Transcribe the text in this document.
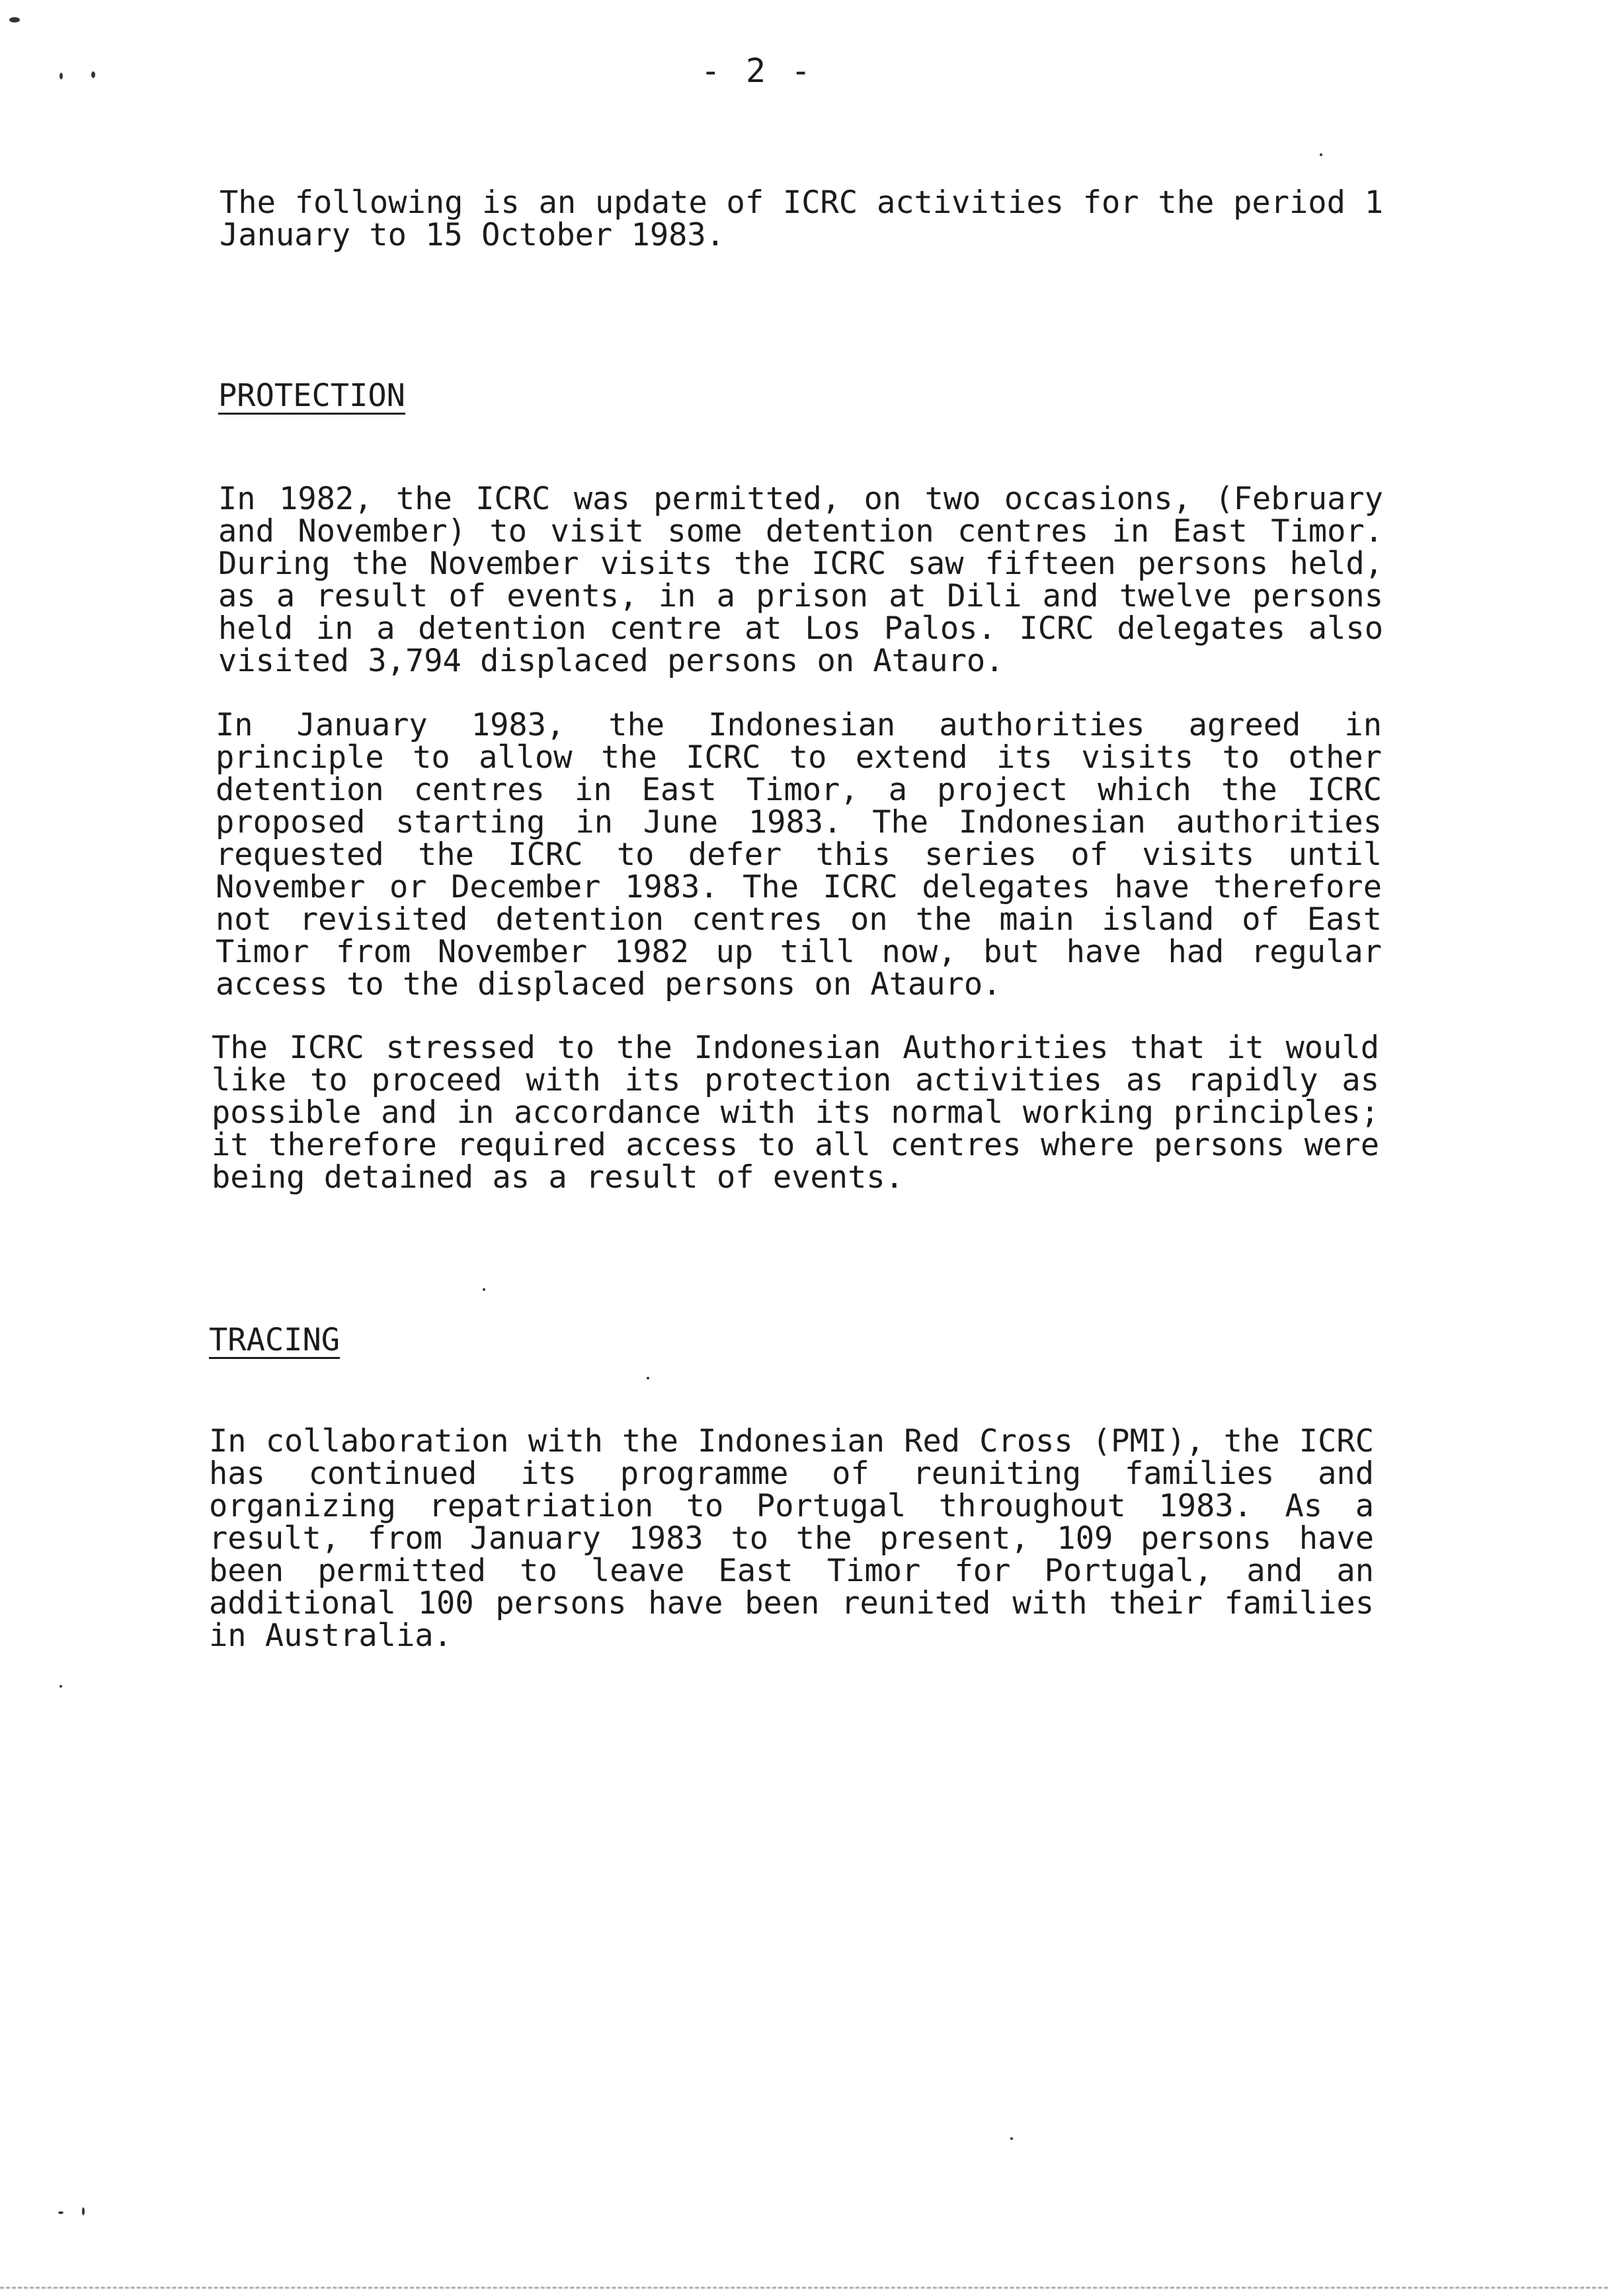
- 2 -

The following is an update of ICRC activities for the period 1 January to 15 October 1983.

PROTECTION

In 1982, the ICRC was permitted, on two occasions, (February and November) to visit some detention centres in East Timor. During the November visits the ICRC saw fifteen persons held, as a result of events, in a prison at Dili and twelve persons held in a detention centre at Los Palos. ICRC delegates also visited 3,794 displaced persons on Atauro.

In January 1983, the Indonesian authorities agreed in principle to allow the ICRC to extend its visits to other detention centres in East Timor, a project which the ICRC proposed starting in June 1983. The Indonesian authorities requested the ICRC to defer this series of visits until November or December 1983. The ICRC delegates have therefore not revisited detention centres on the main island of East Timor from November 1982 up till now, but have had regular access to the displaced persons on Atauro.

The ICRC stressed to the Indonesian Authorities that it would like to proceed with its protection activities as rapidly as possible and in accordance with its normal working principles; it therefore required access to all centres where persons were being detained as a result of events.

TRACING

In collaboration with the Indonesian Red Cross (PMI), the ICRC has continued its programme of reuniting families and organizing repatriation to Portugal throughout 1983. As a result, from January 1983 to the present, 109 persons have been permitted to leave East Timor for Portugal, and an additional 100 persons have been reunited with their families in Australia.
